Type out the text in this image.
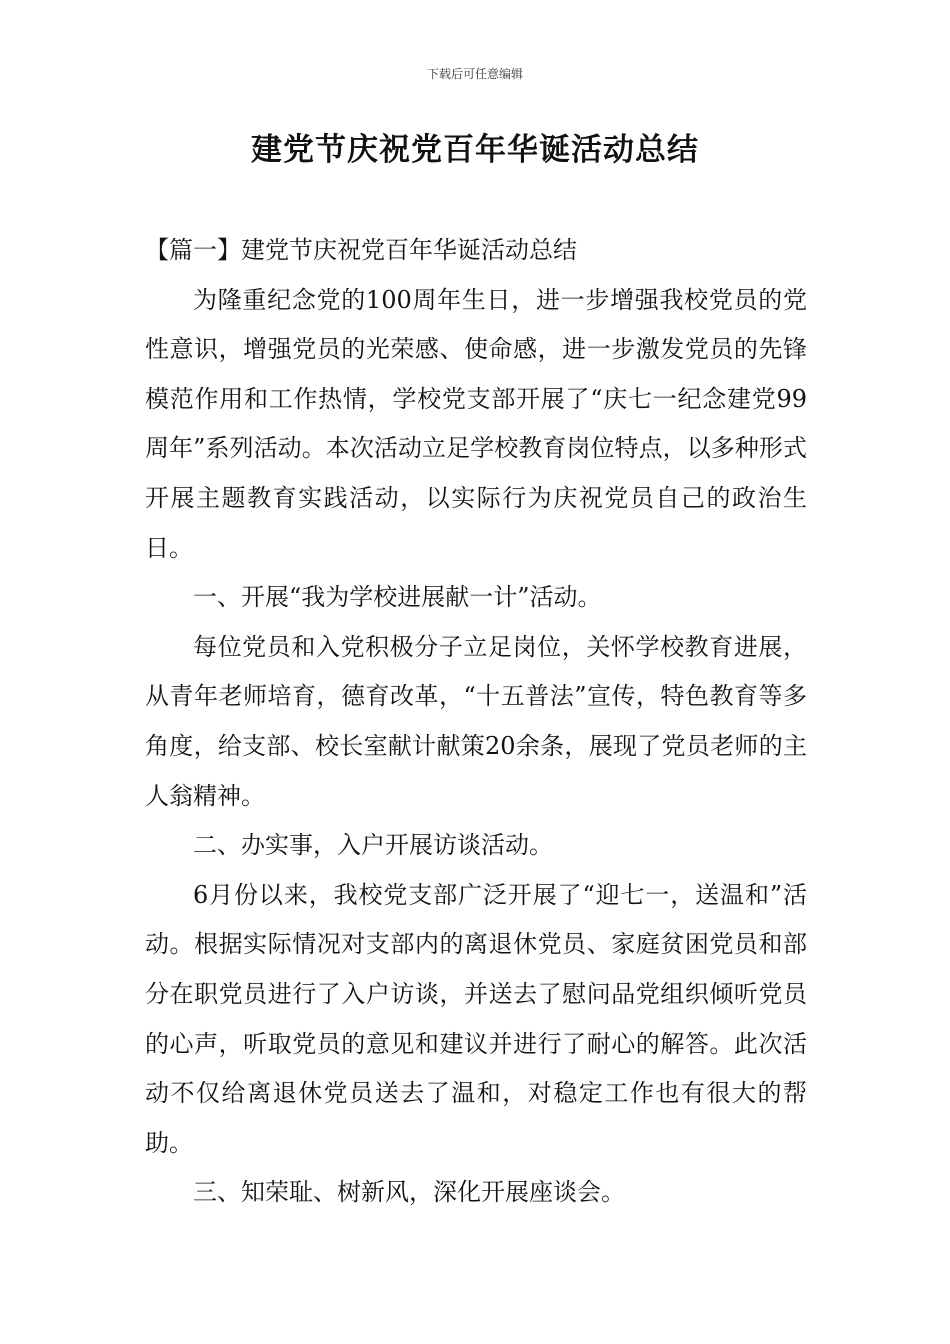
下载后可任意编辑
建党节庆祝党百年华诞活动总结

【篇一】建党节庆祝党百年华诞活动总结

为隆重纪念党的100周年生日，进一步增强我校党员的党性意识，增强党员的光荣感、使命感，进一步激发党员的先锋模范作用和工作热情，学校党支部开展了“庆七一纪念建党99周年”系列活动。本次活动立足学校教育岗位特点，以多种形式开展主题教育实践活动，以实际行为庆祝党员自己的政治生日。

一、开展“我为学校进展献一计”活动。

每位党员和入党积极分子立足岗位，关怀学校教育进展，从青年老师培育，德育改革，“十五普法”宣传，特色教育等多角度，给支部、校长室献计献策20余条，展现了党员老师的主人翁精神。

二、办实事，入户开展访谈活动。

6月份以来，我校党支部广泛开展了“迎七一，送温和”活动。根据实际情况对支部内的离退休党员、家庭贫困党员和部分在职党员进行了入户访谈，并送去了慰问品党组织倾听党员的心声，听取党员的意见和建议并进行了耐心的解答。此次活动不仅给离退休党员送去了温和，对稳定工作也有很大的帮助。

三、知荣耻、树新风，深化开展座谈会。
